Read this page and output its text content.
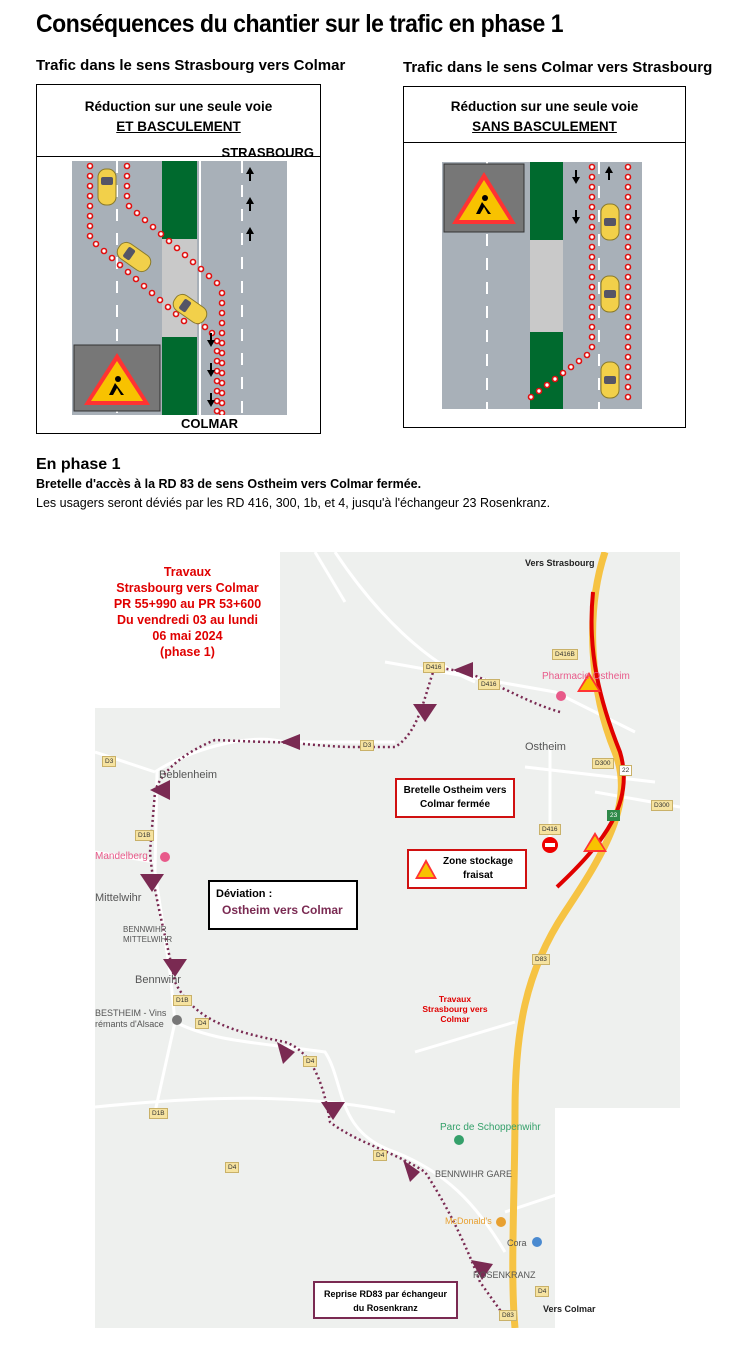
Conséquences du chantier sur le trafic en phase 1
Trafic dans le sens Strasbourg vers Colmar
Réduction sur une seule voie
ET BASCULEMENT
STRASBOURG
COLMAR
Trafic dans le sens Colmar vers Strasbourg
Réduction sur une seule voie
SANS BASCULEMENT
En phase 1
Bretelle d'accès à la RD 83 de sens Ostheim vers Colmar fermée.
Les usagers seront déviés par les RD 416, 300, 1b, et 4, jusqu'à l'échangeur 23 Rosenkranz.
Travaux
Strasbourg vers Colmar
PR 55+990 au PR 53+600
Du vendredi 03 au lundi
06 mai 2024
(phase 1)
Déviation :
Ostheim vers Colmar
Bretelle Ostheim vers
Colmar fermée
Zone stockage
fraisat
Reprise RD83 par échangeur
du Rosenkranz
Travaux
Strasbourg vers
Colmar
Vers Strasbourg
Vers Colmar
Pharmacie Ostheim
Ostheim
Beblenheim
Mandelberg
Mittelwihr
BENNWIHR
MITTELWIHR
Bennwihr
BESTHEIM - Vins
rémants d'Alsace
Parc de Schoppenwihr
BENNWIHR GARE
McDonald's
Cora
ROSENKRANZ
D416
D416
D416B
D3
D3
D1B
D1B
D1B
D4
D4
D4
D4
D4
D300
D300
D416
D83
22
23
D83
